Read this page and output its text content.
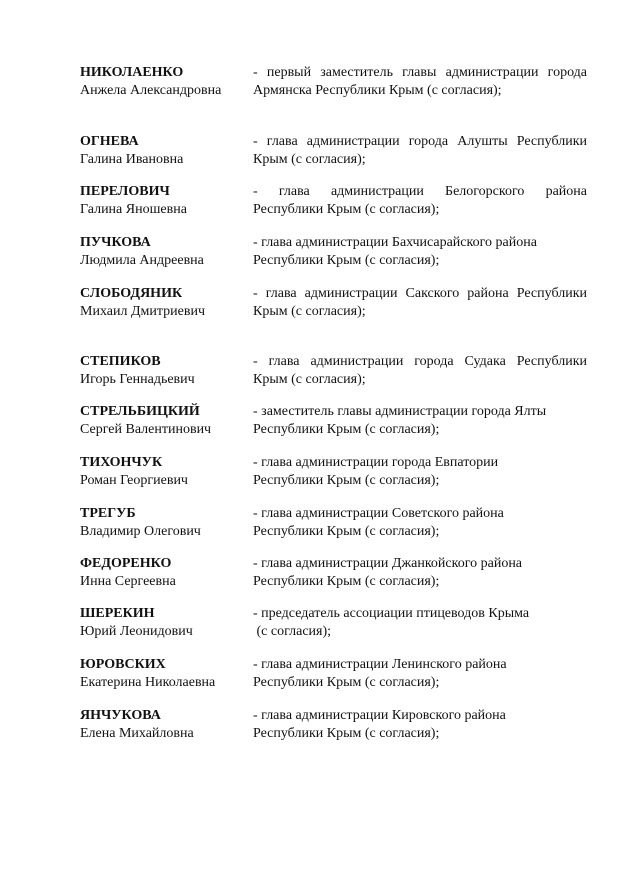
НИКОЛАЕНКО
Анжела Александровна
- первый заместитель главы администрации города
Армянска Республики Крым (с согласия);
ОГНЕВА
Галина Ивановна
- глава администрации города Алушты Республики
Крым (с согласия);
ПЕРЕЛОВИЧ
Галина Яношевна
- глава администрации Белогорского района
Республики Крым (с согласия);
ПУЧКОВА
Людмила Андреевна
- глава администрации Бахчисарайского района
Республики Крым (с согласия);
СЛОБОДЯНИК
Михаил Дмитриевич
- глава администрации Сакского района Республики
Крым (с согласия);
СТЕПИКОВ
Игорь Геннадьевич
- глава администрации города Судака Республики
Крым (с согласия);
СТРЕЛЬБИЦКИЙ
Сергей Валентинович
- заместитель главы администрации города Ялты
Республики Крым (с согласия);
ТИХОНЧУК
Роман Георгиевич
- глава администрации города Евпатории
Республики Крым (с согласия);
ТРЕГУБ
Владимир Олегович
- глава администрации Советского района
Республики Крым (с согласия);
ФЕДОРЕНКО
Инна Сергеевна
- глава администрации Джанкойского района
Республики Крым (с согласия);
ШЕРЕКИН
Юрий Леонидович
- председатель ассоциации птицеводов Крыма
(с согласия);
ЮРОВСКИХ
Екатерина Николаевна
- глава администрации Ленинского района
Республики Крым (с согласия);
ЯНЧУКОВА
Елена Михайловна
- глава администрации Кировского района
Республики Крым (с согласия);
